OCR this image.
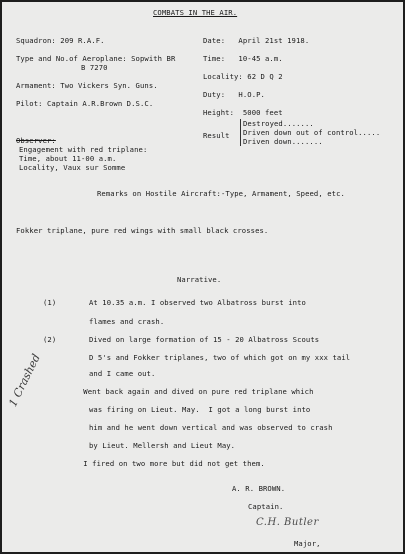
COMBATS IN THE AIR.
Squadron: 209 R.A.F.
Type and No.of Aeroplane: Sopwith BR
B 7270
Armament: Two Vickers Syn. Guns.
Pilot: Captain A.R.Brown D.S.C.
Observer:
Engagement with red triplane:
Time, about 11-00 a.m.
Locality, Vaux sur Somme
Date:   April 21st 1918.
Time:   10-45 a.m.
Locality: 62 D Q 2
Duty:   H.O.P.
Height:  5000 feet
Result
Destroyed.......
Driven down out of control.....
Driven down.......
Remarks on Hostile Aircraft:-Type, Armament, Speed, etc.
Fokker triplane, pure red wings with small black crosses.
Narrative.
(1)	At 10.35 a.m. I observed two Albatross burst into
flames and crash.
(2)	Dived on large formation of 15 - 20 Albatross Scouts
D 5's and Fokker triplanes, two of which got on my xxx tail
and I came out.
Went back again and dived on pure red triplane which
was firing on Lieut. May.  I got a long burst into
him and he went down vertical and was observed to crash
by Lieut. Mellersh and Lieut May.
I fired on two more but did not get them.
1 Crashed
A. R. BROWN.
Captain.
C.H. Butler
Major,
